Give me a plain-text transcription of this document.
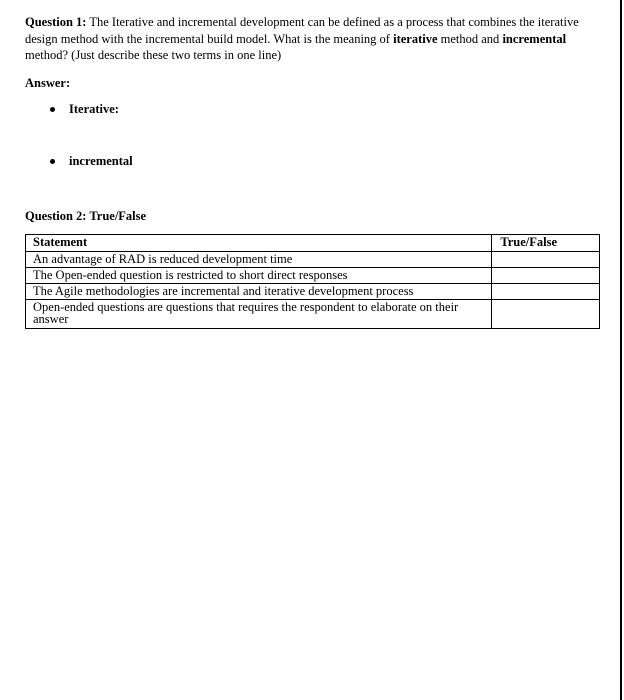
Question 1: The Iterative and incremental development can be defined as a process that combines the iterative design method with the incremental build model. What is the meaning of iterative method and incremental method? (Just describe these two terms in one line)
Answer:
Iterative:
incremental
Question 2: True/False
Statement	True/False
An advantage of RAD is reduced development time	
The Open-ended question is restricted to short direct responses	
The Agile methodologies are incremental and iterative development process	
Open-ended questions are questions that requires the respondent to elaborate on their answer	
